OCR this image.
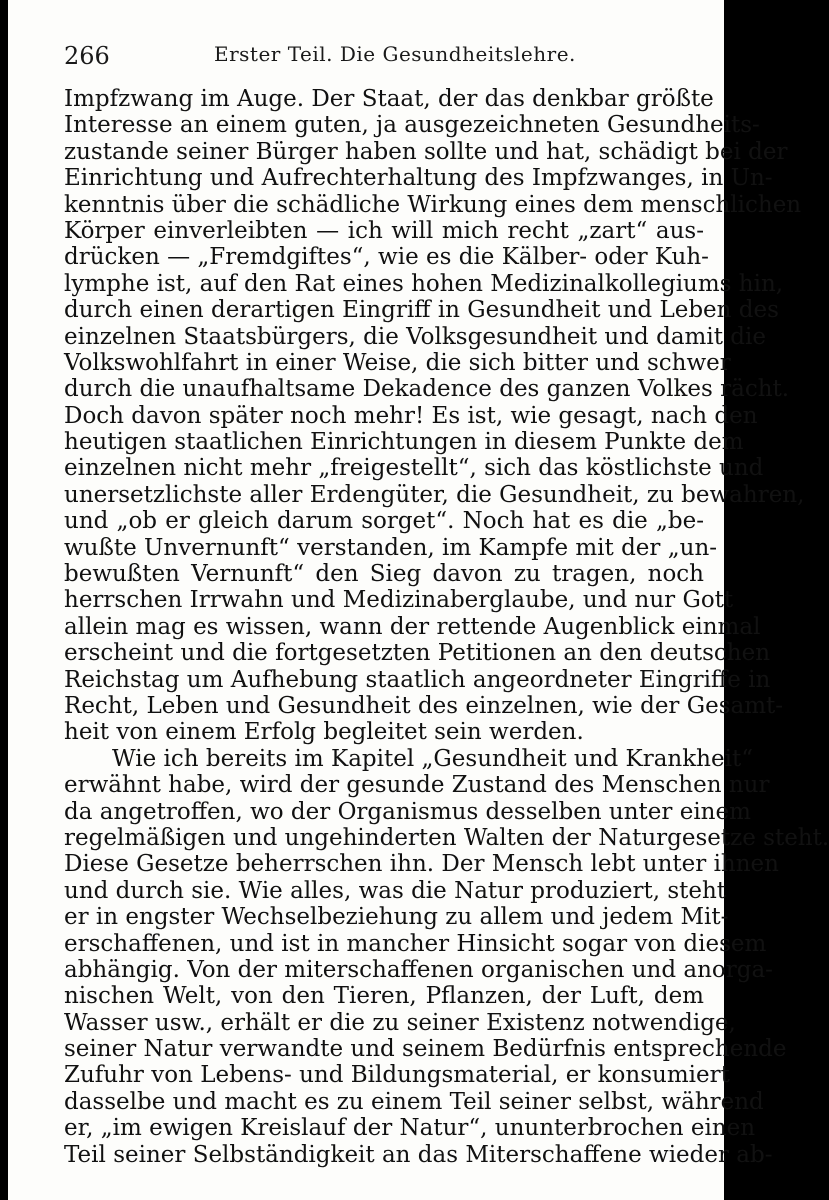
266	Erster Teil. Die Gesundheitslehre.
Impfzwang im Auge. Der Staat, der das denkbar größte
Interesse an einem guten, ja ausgezeichneten Gesundheits-
zustande seiner Bürger haben sollte und hat, schädigt bei der
Einrichtung und Aufrechterhaltung des Impfzwanges, in Un-
kenntnis über die schädliche Wirkung eines dem menschlichen
Körper einverleibten — ich will mich recht „zart“ aus-
drücken — „Fremdgiftes“, wie es die Kälber- oder Kuh-
lymphe ist, auf den Rat eines hohen Medizinalkollegiums hin,
durch einen derartigen Eingriff in Gesundheit und Leben des
einzelnen Staatsbürgers, die Volksgesundheit und damit die
Volkswohlfahrt in einer Weise, die sich bitter und schwer
durch die unaufhaltsame Dekadence des ganzen Volkes rächt.
Doch davon später noch mehr! Es ist, wie gesagt, nach den
heutigen staatlichen Einrichtungen in diesem Punkte dem
einzelnen nicht mehr „freigestellt“, sich das köstlichste und
unersetzlichste aller Erdengüter, die Gesundheit, zu bewahren,
und „ob er gleich darum sorget“. Noch hat es die „be-
wußte Unvernunft“ verstanden, im Kampfe mit der „un-
bewußten Vernunft“ den Sieg davon zu tragen, noch
herrschen Irrwahn und Medizinaberglaube, und nur Gott
allein mag es wissen, wann der rettende Augenblick einmal
erscheint und die fortgesetzten Petitionen an den deutschen
Reichstag um Aufhebung staatlich angeordneter Eingriffe in
Recht, Leben und Gesundheit des einzelnen, wie der Gesamt-
heit von einem Erfolg begleitet sein werden.
Wie ich bereits im Kapitel „Gesundheit und Krankheit“
erwähnt habe, wird der gesunde Zustand des Menschen nur
da angetroffen, wo der Organismus desselben unter einem
regelmäßigen und ungehinderten Walten der Naturgesetze steht.
Diese Gesetze beherrschen ihn. Der Mensch lebt unter ihnen
und durch sie. Wie alles, was die Natur produziert, steht
er in engster Wechselbeziehung zu allem und jedem Mit-
erschaffenen, und ist in mancher Hinsicht sogar von diesem
abhängig. Von der miterschaffenen organischen und anorga-
nischen Welt, von den Tieren, Pflanzen, der Luft, dem
Wasser usw., erhält er die zu seiner Existenz notwendige,
seiner Natur verwandte und seinem Bedürfnis entsprechende
Zufuhr von Lebens- und Bildungsmaterial, er konsumiert
dasselbe und macht es zu einem Teil seiner selbst, während
er, „im ewigen Kreislauf der Natur“, ununterbrochen einen
Teil seiner Selbständigkeit an das Miterschaffene wieder ab-
